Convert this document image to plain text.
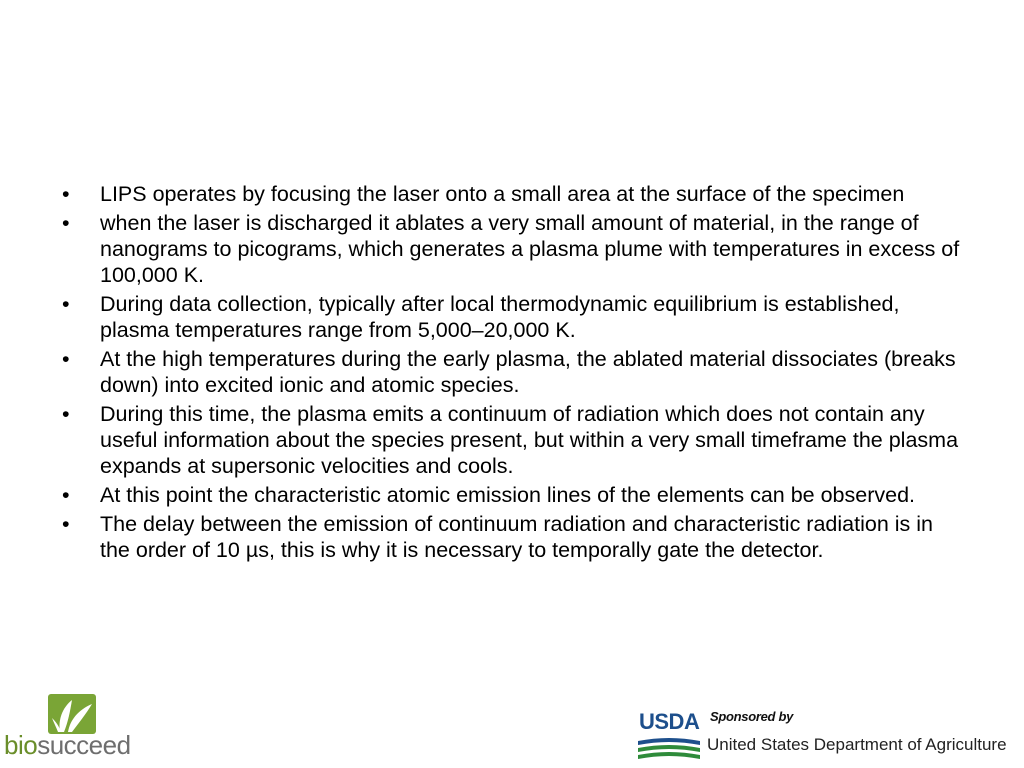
•	LIPS operates by focusing the laser onto a small area at the surface of the specimen
•	when the laser is discharged it ablates a very small amount of material, in the range of nanograms to picograms, which generates a plasma plume with temperatures in excess of 100,000 K.
•	During data collection, typically after local thermodynamic equilibrium is established, plasma temperatures range from 5,000–20,000 K.
•	At the high temperatures during the early plasma, the ablated material dissociates (breaks down) into excited ionic and atomic species.
•	During this time, the plasma emits a continuum of radiation which does not contain any useful information about the species present, but within a very small timeframe the plasma expands at supersonic velocities and cools.
•	At this point the characteristic atomic emission lines of the elements can be observed.
•	The delay between the emission of continuum radiation and characteristic radiation is in the order of 10 µs, this is why it is necessary to temporally gate the detector.
biosucceed
USDA Sponsored by
United States Department of Agriculture
